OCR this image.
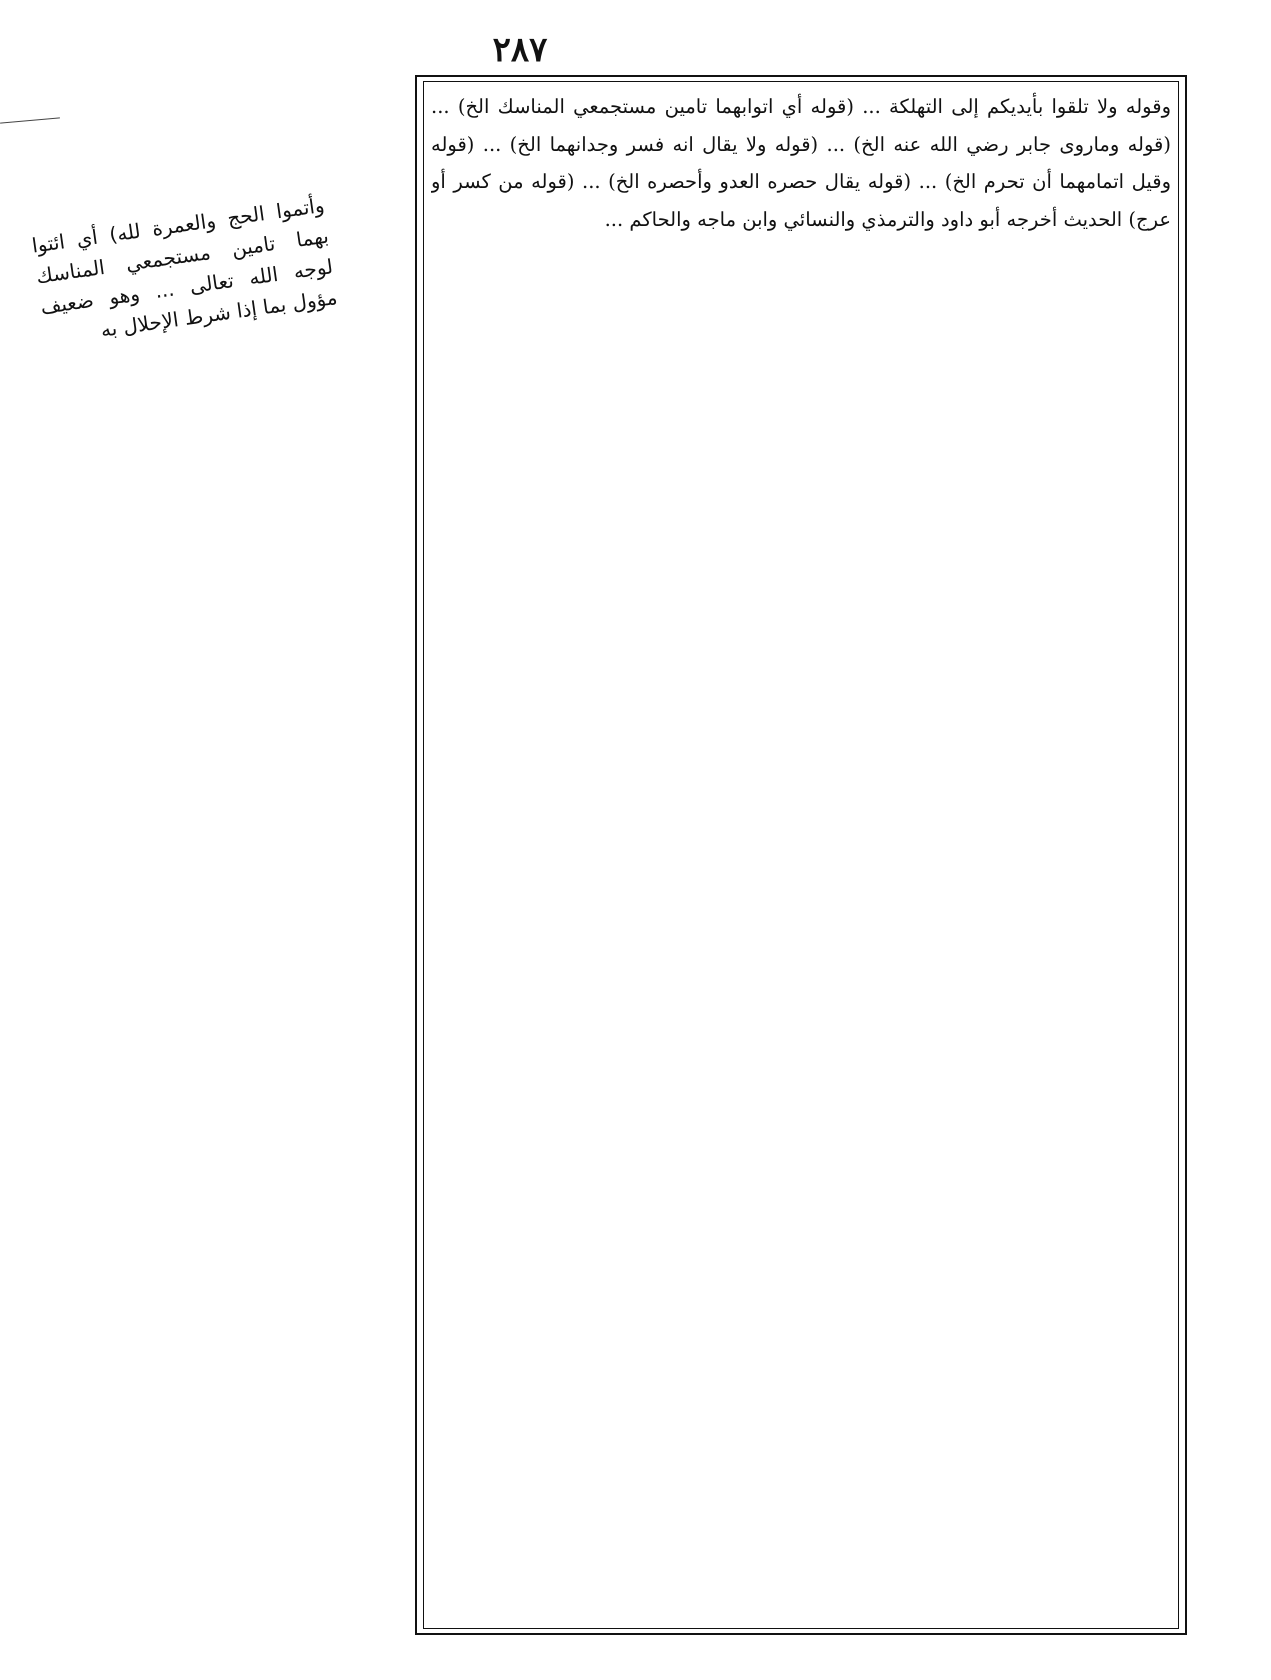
٢٨٧

وقوله ولا تلقوا بأيديكم إلى التهلكة ... (قوله أي اتوابهما تامين مستجمعي المناسك الخ) ... (قوله وماروى جابر رضي الله عنه الخ) ... (قوله ولا يقال انه فسر وجدانهما الخ) ... (قوله وقيل اتمامهما أن تحرم الخ) ... (قوله يقال حصره العدو وأحصره الخ) ... (قوله من كسر أو عرج) الحديث أخرجه أبو داود والترمذي والنسائي وابن ماجه والحاكم ...

وأتموا الحج والعمرة لله) أي ائتوا بهما تامين مستجمعي المناسك لوجه الله تعالى ... وهو ضعيف مؤول بما إذا شرط الإحلال به
